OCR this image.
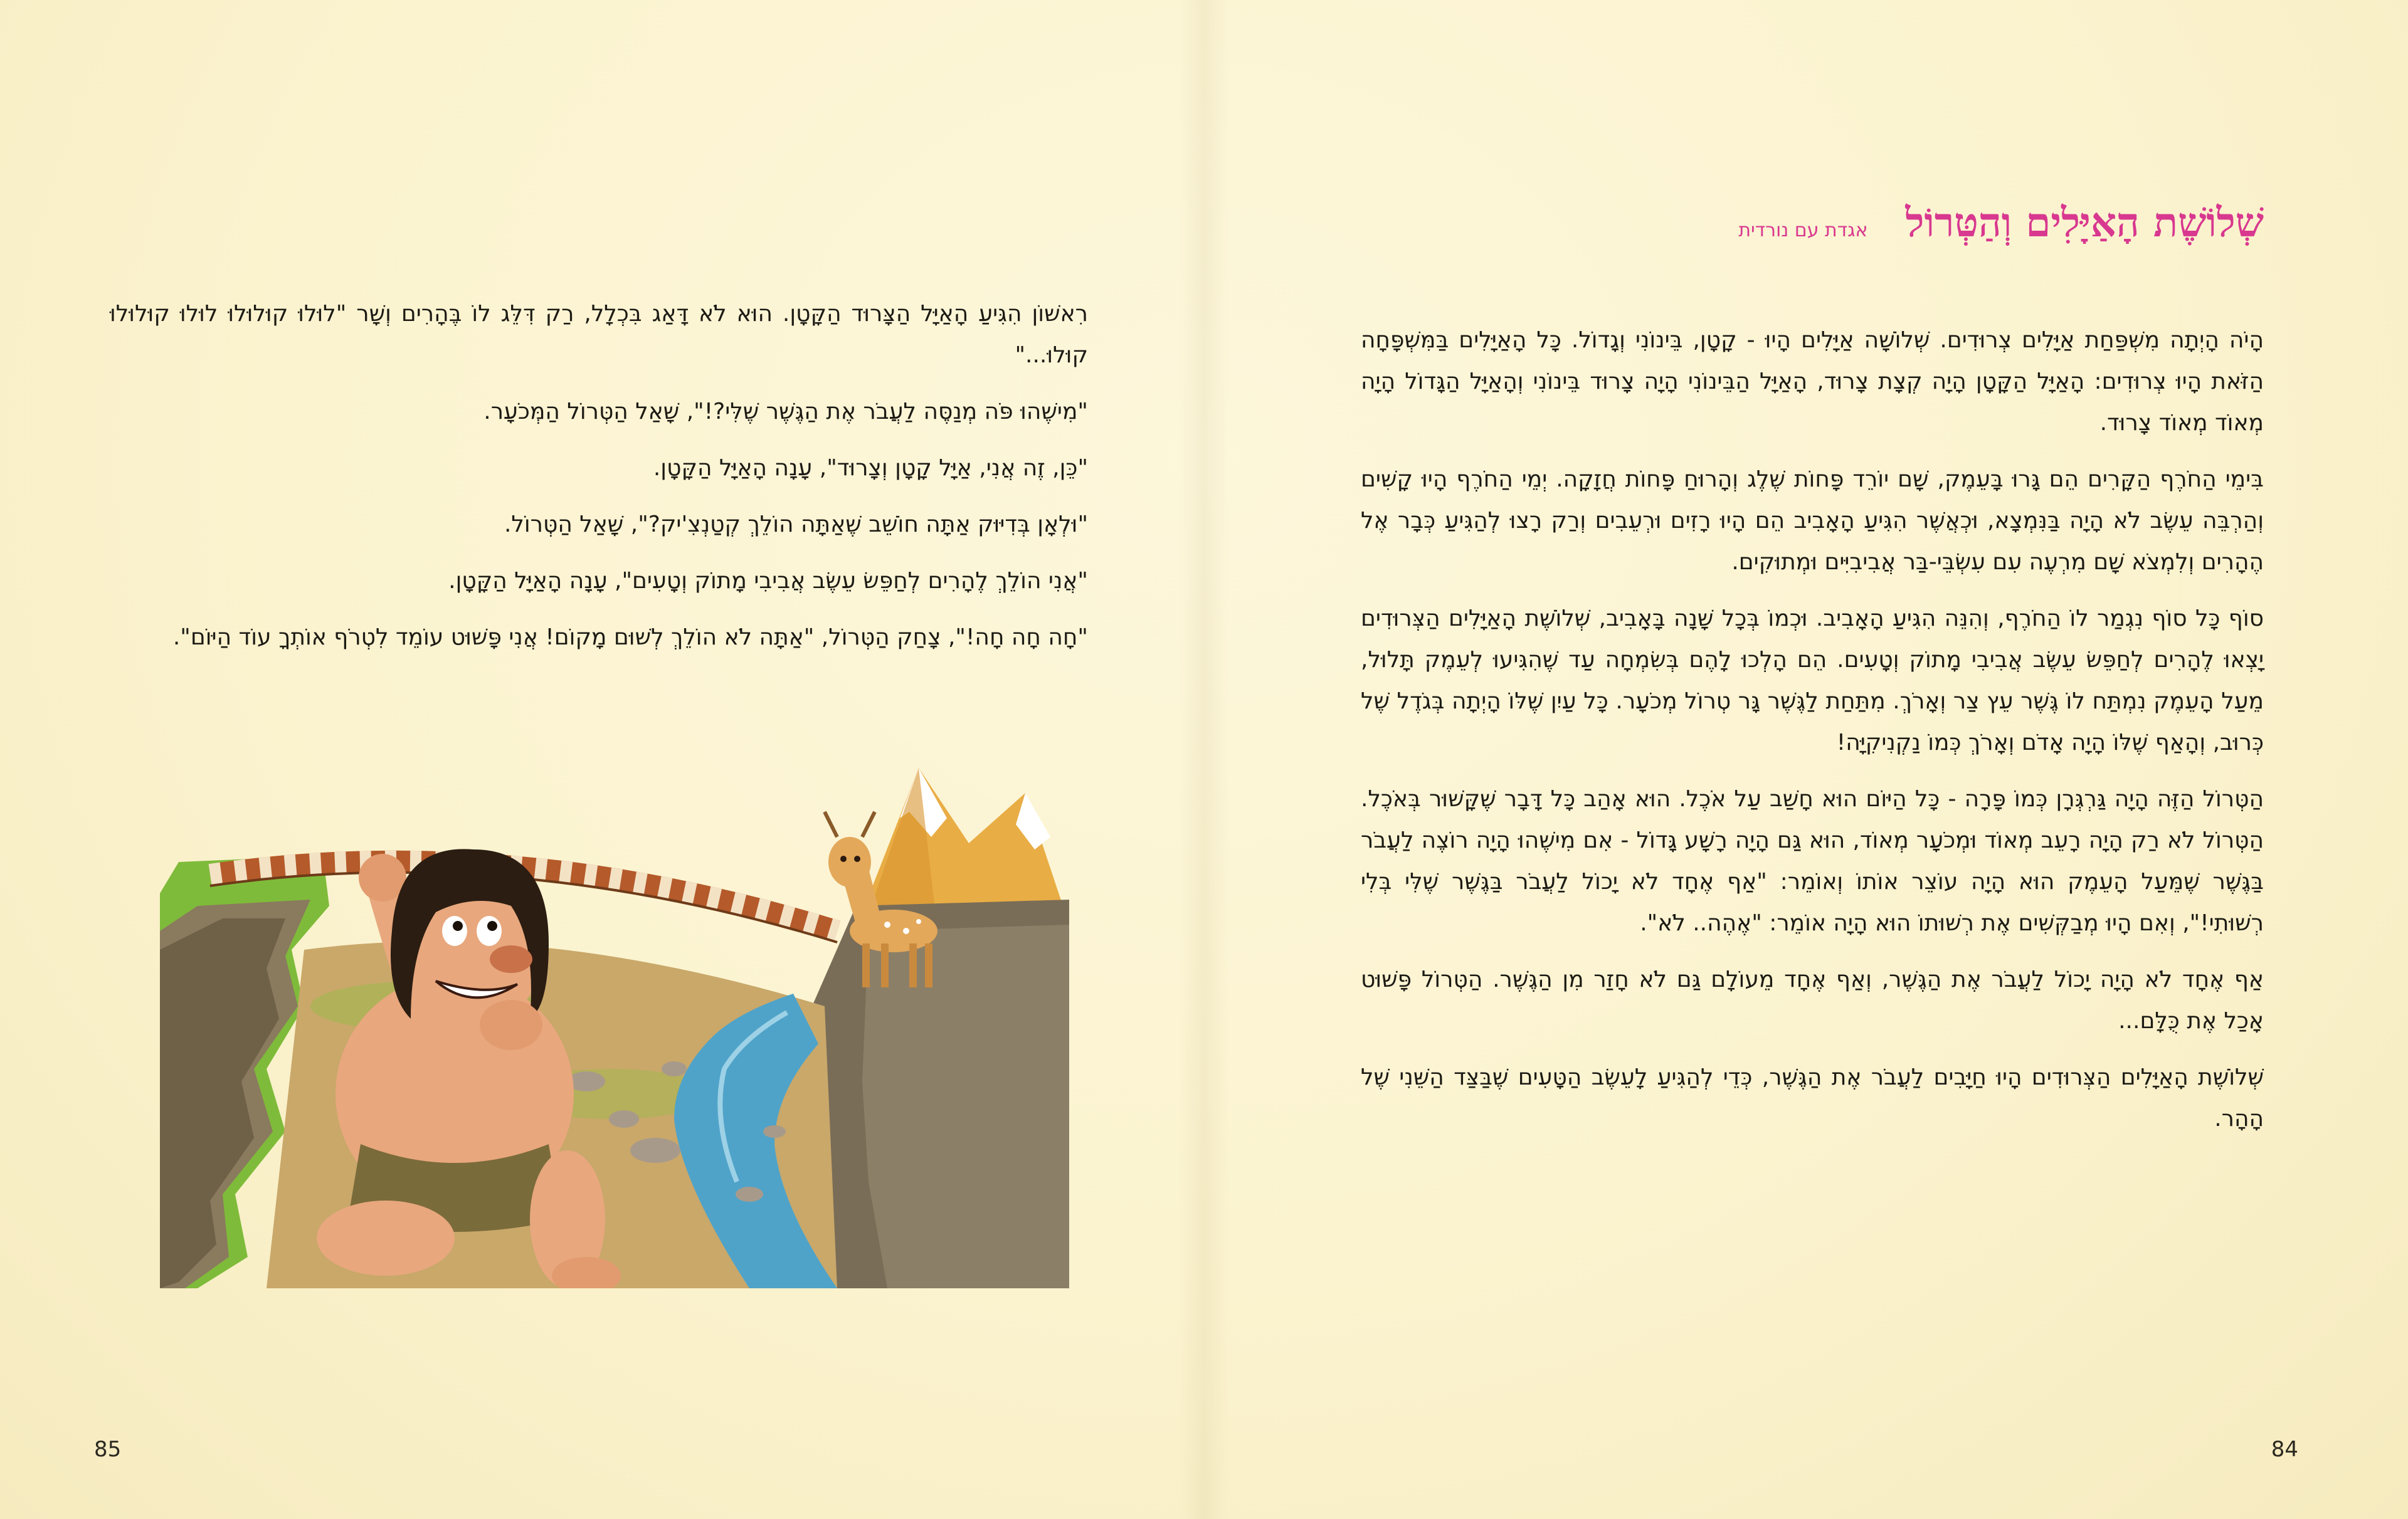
רִאשׁוֹן הִגִּיעַ הָאַיָּל הַצָּרוּד הַקָּטָן. הוּא לֹא דָּאַג בִּכְלָל, רַק דִּלֵּג לוֹ בֶּהָרִים וְשָׁר "לוּלוּ קוּלוּלוּ לוּלוּ קוּלוּלוּ קוּלוּ..."

"מִישֶׁהוּ פֹּה מְנַסֶּה לַעֲבֹר אֶת הַגֶּשֶׁר שֶׁלִּי?!", שָׁאַל הַטְּרוֹל הַמְּכֹעָר.

"כֵּן, זֶה אֲנִי, אַיָּל קָטָן וְצָרוּד", עָנָה הָאַיָּל הַקָּטָן.

"וּלְאָן בְּדִיּוּק אַתָּה חוֹשֵׁב שֶׁאַתָּה הוֹלֵךְ קְטַנְצִ'יק?", שָׁאַל הַטְּרוֹל.

"אֲנִי הוֹלֵךְ לֶהָרִים לְחַפֵּשׂ עֵשֶׂב אֲבִיבִי מָתוֹק וְטָעִים", עָנָה הָאַיָּל הַקָּטָן.

"חָה חָה חָה!", צָחַק הַטְּרוֹל, "אַתָּה לֹא הוֹלֵךְ לְשׁוּם מָקוֹם! אֲנִי פָּשׁוּט עוֹמֵד לִטְרֹף אוֹתְךָ עוֹד הַיּוֹם".

85
שְׁלוֹשֶׁת הָאַיָּלִים וְהַטְּרוֹל
אגדת עם נורדית

הָיֹה הָיְתָה מִשְׁפַּחַת אַיָּלִים צְרוּדִים. שְׁלוֹשָׁה אַיָּלִים הָיוּ - קָטָן, בֵּינוֹנִי וְגָדוֹל. כָּל הָאַיָּלִים בַּמִּשְׁפָּחָה הַזֹּאת הָיוּ צְרוּדִים: הָאַיָּל הַקָּטָן הָיָה קְצָת צָרוּד, הָאַיָּל הַבֵּינוֹנִי הָיָה צָרוּד בֵּינוֹנִי וְהָאַיָּל הַגָּדוֹל הָיָה מְאוֹד מְאוֹד צָרוּד.

בִּימֵי הַחֹרֶף הַקָּרִים הֵם גָּרוּ בָּעֵמֶק, שָׁם יוֹרֵד פָּחוֹת שֶׁלֶג וְהָרוּחַ פָּחוֹת חֲזָקָה. יְמֵי הַחֹרֶף הָיוּ קָשִׁים וְהַרְבֵּה עֵשֶׂב לֹא הָיָה בַּנִּמְצָא, וּכְאֲשֶׁר הִגִּיעַ הָאָבִיב הֵם הָיוּ רָזִים וּרְעֵבִים וְרַק רָצוּ לְהַגִּיעַ כְּבָר אֶל הֶהָרִים וְלִמְצֹא שָׁם מִרְעֶה עִם עִשְׂבֵּי-בַּר אֲבִיבִיִּים וּמְתוּקִים.

סוֹף כָּל סוֹף נִגְמַר לוֹ הַחֹרֶף, וְהִנֵּה הִגִּיעַ הָאָבִיב. וּכְמוֹ בְּכָל שָׁנָה בָּאָבִיב, שְׁלוֹשֶׁת הָאַיָּלִים הַצְּרוּדִים יָצְאוּ לֶהָרִים לְחַפֵּשׂ עֵשֶׂב אֲבִיבִי מָתוֹק וְטָעִים. הֵם הָלְכוּ לָהֶם בְּשִׂמְחָה עַד שֶׁהִגִּיעוּ לְעֵמֶק תָּלוּל, מֵעַל הָעֵמֶק נִמְתַּח לוֹ גֶּשֶׁר עֵץ צַר וְאָרֹךְ. מִתַּחַת לַגֶּשֶׁר גָּר טְרוֹל מְכֹעָר. כָּל עַיִן שֶׁלּוֹ הָיְתָה בְּגֹדֶל שֶׁל כְּרוּב, וְהָאַף שֶׁלּוֹ הָיָה אָדֹם וְאָרֹךְ כְּמוֹ נַקְנִיקִיָּה!

הַטְּרוֹל הַזֶּה הָיָה גַּרְגְּרָן כְּמוֹ פָּרָה - כָּל הַיּוֹם הוּא חָשַׁב עַל אֹכֶל. הוּא אָהַב כָּל דָּבָר שֶׁקָּשׁוּר בְּאֹכֶל. הַטְּרוֹל לֹא רַק הָיָה רָעֵב מְאוֹד וּמְכֹעָר מְאוֹד, הוּא גַּם הָיָה רָשָׁע גָּדוֹל - אִם מִישֶׁהוּ הָיָה רוֹצֶה לַעֲבֹר בַּגֶּשֶׁר שֶׁמֵּעַל הָעֵמֶק הוּא הָיָה עוֹצֵר אוֹתוֹ וְאוֹמֵר: "אַף אֶחָד לֹא יָכוֹל לַעֲבֹר בַּגֶּשֶׁר שֶׁלִּי בְּלִי רְשׁוּתִי!", וְאִם הָיוּ מְבַקְּשִׁים אֶת רְשׁוּתוֹ הוּא הָיָה אוֹמֵר: "אֶהֶה.. לֹא".

אַף אֶחָד לֹא הָיָה יָכוֹל לַעֲבֹר אֶת הַגֶּשֶׁר, וְאַף אֶחָד מֵעוֹלָם גַּם לֹא חָזַר מִן הַגֶּשֶׁר. הַטְּרוֹל פָּשׁוּט אָכַל אֶת כֻּלָּם...

שְׁלוֹשֶׁת הָאַיָּלִים הַצְּרוּדִים הָיוּ חַיָּבִים לַעֲבֹר אֶת הַגֶּשֶׁר, כְּדֵי לְהַגִּיעַ לָעֵשֶׂב הַטָּעִים שֶׁבַּצַּד הַשֵּׁנִי שֶׁל הָהָר.

84
